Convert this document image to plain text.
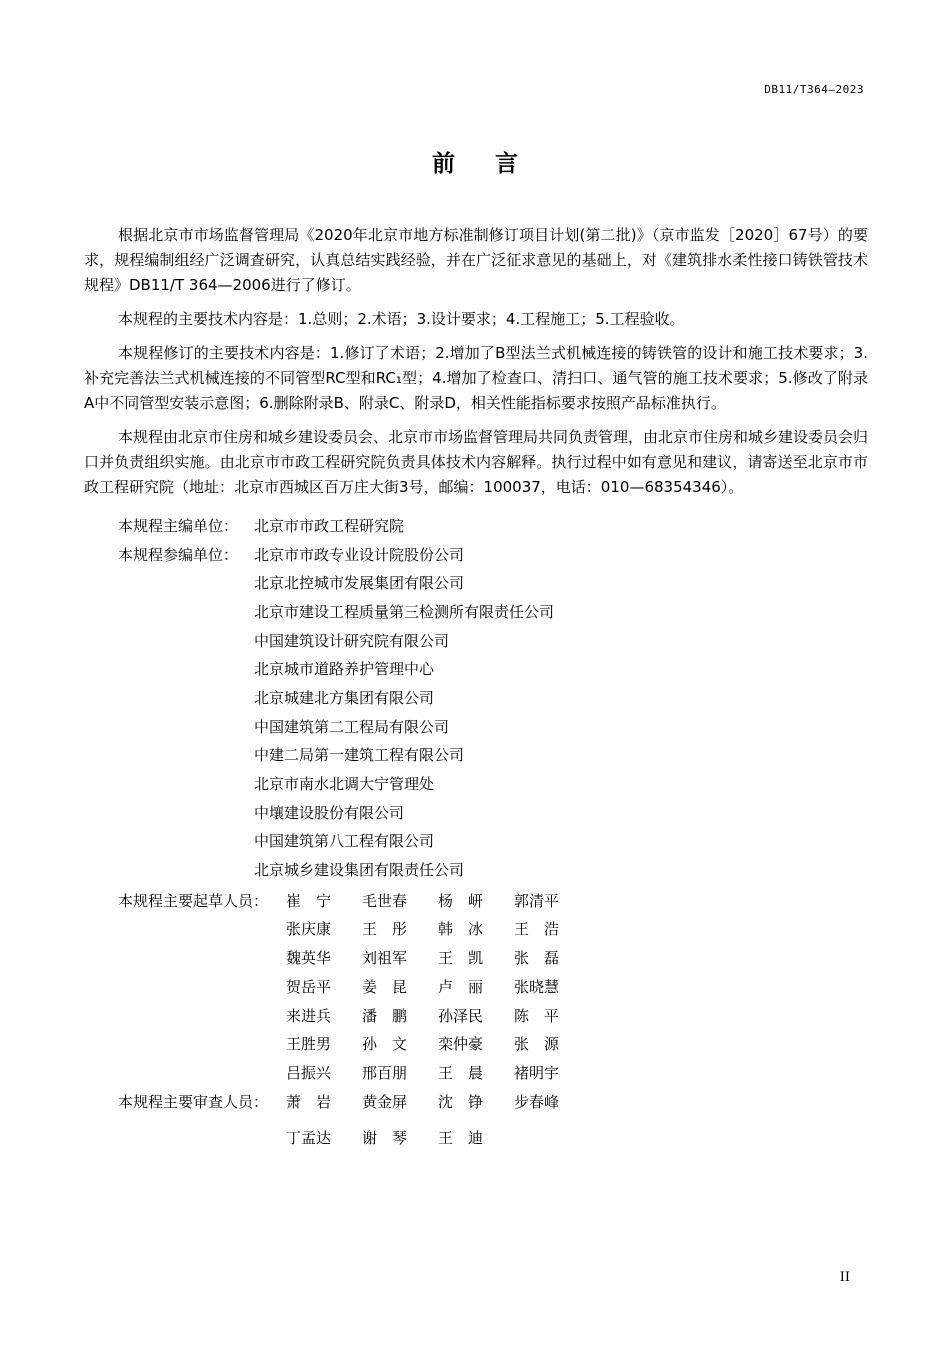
DB11/T364—2023
前言

根据北京市市场监督管理局《2020年北京市地方标准制修订项目计划(第二批)》（京市监发［2020］67号）的要求，规程编制组经广泛调查研究，认真总结实践经验，并在广泛征求意见的基础上，对《建筑排水柔性接口铸铁管技术规程》DB11/T 364—2006进行了修订。

本规程的主要技术内容是：1.总则；2.术语；3.设计要求；4.工程施工；5.工程验收。

本规程修订的主要技术内容是：1.修订了术语；2.增加了B型法兰式机械连接的铸铁管的设计和施工技术要求；3.补充完善法兰式机械连接的不同管型RC型和RC₁型；4.增加了检查口、清扫口、通气管的施工技术要求；5.修改了附录A中不同管型安装示意图；6.删除附录B、附录C、附录D，相关性能指标要求按照产品标准执行。

本规程由北京市住房和城乡建设委员会、北京市市场监督管理局共同负责管理，由北京市住房和城乡建设委员会归口并负责组织实施。由北京市市政工程研究院负责具体技术内容解释。执行过程中如有意见和建议，请寄送至北京市市政工程研究院（地址：北京市西城区百万庄大街3号，邮编：100037，电话：010—68354346）。

本规程主编单位：	北京市市政工程研究院
本规程参编单位：	北京市市政专业设计院股份公司
北京北控城市发展集团有限公司
北京市建设工程质量第三检测所有限责任公司
中国建筑设计研究院有限公司
北京城市道路养护管理中心
北京城建北方集团有限公司
中国建筑第二工程局有限公司
中建二局第一建筑工程有限公司
北京市南水北调大宁管理处
中壤建设股份有限公司
中国建筑第八工程有限公司
北京城乡建设集团有限责任公司
本规程主要起草人员：	崔　宁	毛世春	杨　岍	郭清平
张庆康	王　彤	韩　冰	王　浩
魏英华	刘祖军	王　凯	张　磊
贺岳平	姜　昆	卢　丽	张晓慧
来进兵	潘　鹏	孙泽民	陈　平
王胜男	孙　文	栾仲豪	张　源
吕振兴	邢百朋	王　晨	褚明宇
本规程主要审查人员：	萧　岩	黄金屏	沈　铮	步春峰
丁孟达	谢　琴	王　迪
II
